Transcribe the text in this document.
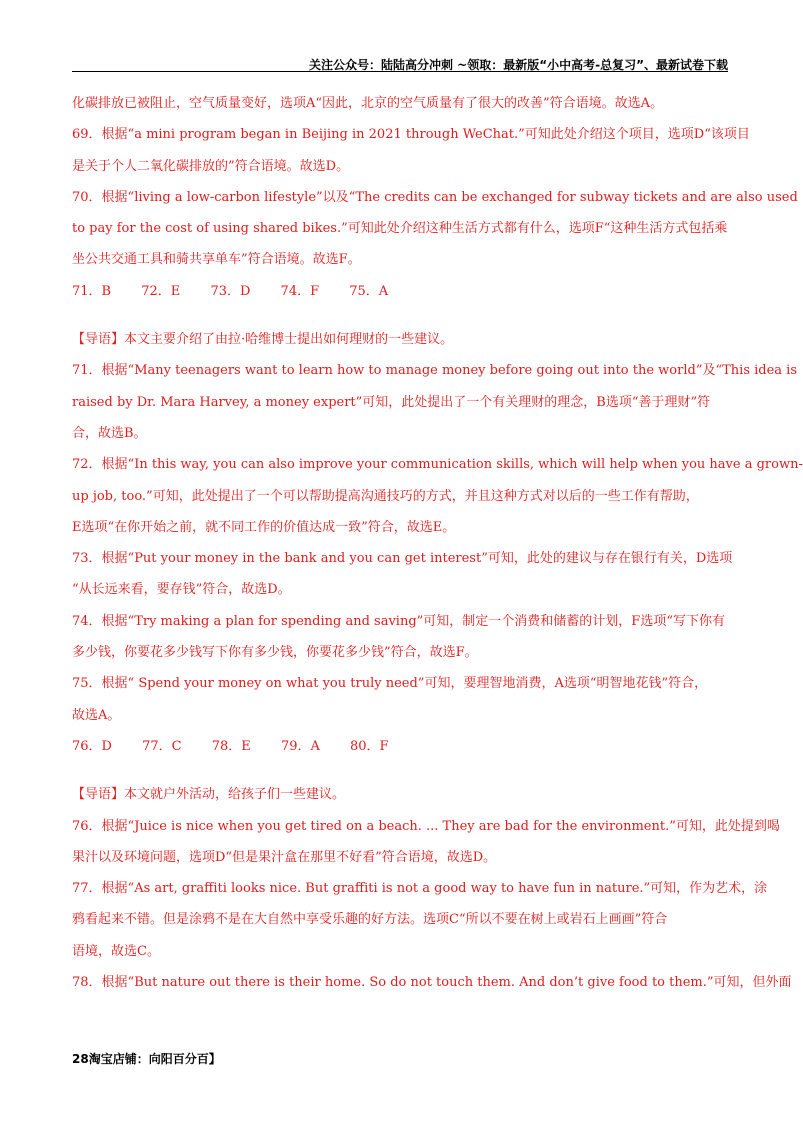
关注公众号：陆陆高分冲刺 ~领取：最新版“小中高考-总复习”、最新试卷下载
化碳排放已被阻止，空气质量变好，选项A“因此，北京的空气质量有了很大的改善”符合语境。故选A。
69．根据“a mini program began in Beijing in 2021 through WeChat.”可知此处介绍这个项目，选项D“该项目
是关于个人二氧化碳排放的”符合语境。故选D。
70．根据“living a low-carbon lifestyle”以及“The credits can be exchanged for subway tickets and are also used
to pay for the cost of using shared bikes.”可知此处介绍这种生活方式都有什么，选项F“这种生活方式包括乘
坐公共交通工具和骑共享单车”符合语境。故选F。
71．B 72．E 73．D 74．F 75．A
【导语】本文主要介绍了由拉·哈维博士提出如何理财的一些建议。
71．根据“Many teenagers want to learn how to manage money before going out into the world”及“This idea is
raised by Dr. Mara Harvey, a money expert”可知，此处提出了一个有关理财的理念，B选项“善于理财”符
合，故选B。
72．根据“In this way, you can also improve your communication skills, which will help when you have a grown-
up job, too.”可知，此处提出了一个可以帮助提高沟通技巧的方式，并且这种方式对以后的一些工作有帮助，
E选项“在你开始之前，就不同工作的价值达成一致”符合，故选E。
73．根据“Put your money in the bank and you can get interest”可知，此处的建议与存在银行有关，D选项
“从长远来看，要存钱”符合，故选D。
74．根据“Try making a plan for spending and saving”可知，制定一个消费和储蓄的计划，F选项“写下你有
多少钱，你要花多少钱写下你有多少钱，你要花多少钱”符合，故选F。
75．根据“ Spend your money on what you truly need”可知，要理智地消费，A选项“明智地花钱”符合，
故选A。
76．D 77．C 78．E 79．A 80．F
【导语】本文就户外活动，给孩子们一些建议。
76．根据“Juice is nice when you get tired on a beach. ... They are bad for the environment.”可知，此处提到喝
果汁以及环境问题，选项D“但是果汁盒在那里不好看”符合语境，故选D。
77．根据“As art, graffiti looks nice. But graffiti is not a good way to have fun in nature.”可知，作为艺术，涂
鸦看起来不错。但是涂鸦不是在大自然中享受乐趣的好方法。选项C“所以不要在树上或岩石上画画”符合
语境，故选C。
78．根据“But nature out there is their home. So do not touch them. And don’t give food to them.”可知，但外面
28淘宝店铺：向阳百分百】
